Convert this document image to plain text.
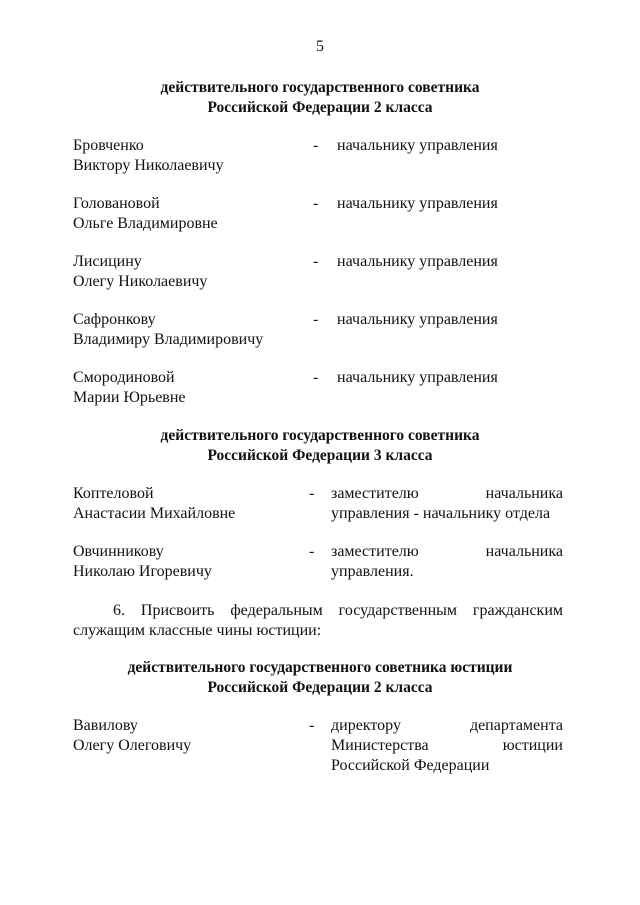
5
действительного государственного советника
Российской Федерации 2 класса
Бровченко
Виктору Николаевичу
- начальнику управления
Головановой
Ольге Владимировне
- начальнику управления
Лисицину
Олегу Николаевичу
- начальнику управления
Сафронкову
Владимиру Владимировичу
- начальнику управления
Смородиновой
Марии Юрьевне
- начальнику управления
действительного государственного советника
Российской Федерации 3 класса
Коптеловой
Анастасии Михайловне
- заместителю начальника
управления - начальнику отдела
Овчинникову
Николаю Игоревичу
- заместителю начальника
управления.
6. Присвоить федеральным государственным гражданским
служащим классные чины юстиции:
действительного государственного советника юстиции
Российской Федерации 2 класса
Вавилову
Олегу Олеговичу
- директору департамента
Министерства юстиции
Российской Федерации
